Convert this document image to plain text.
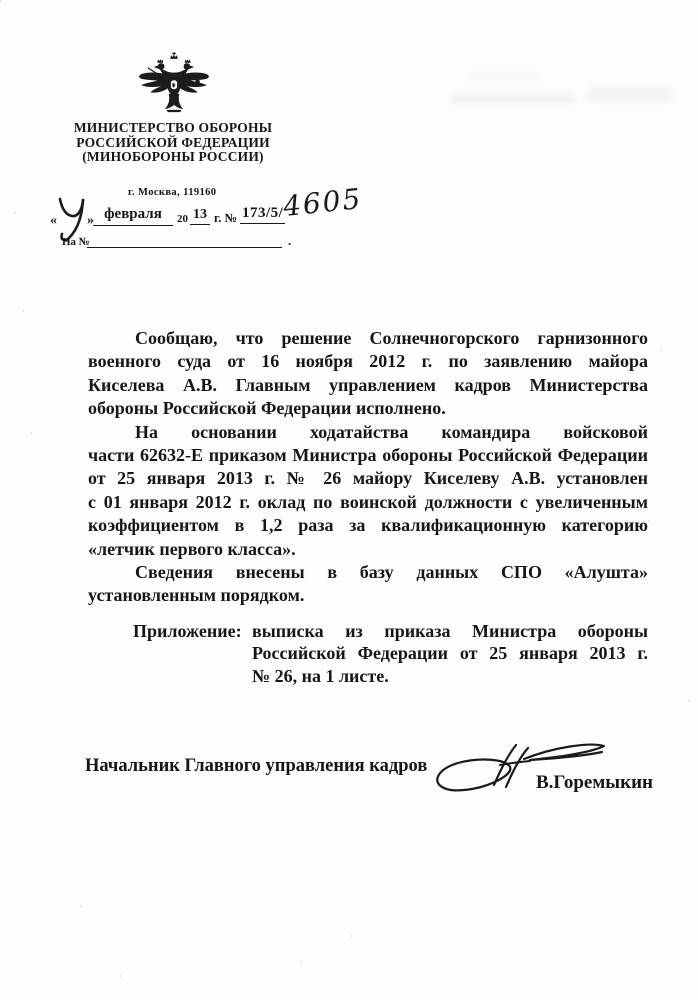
МИНИСТЕРСТВО ОБОРОНЫ
РОССИЙСКОЙ ФЕДЕРАЦИИ
(МИНОБОРОНЫ РОССИИ)
г. Москва, 119160
« » февраля	20 13 г. № 173/5/
4605
На №	.
Сообщаю, что решение Солнечногорского гарнизонного
военного суда от 16 ноября 2012 г. по заявлению майора
Киселева А.В. Главным управлением кадров Министерства
обороны Российской Федерации исполнено.
На основании ходатайства командира войсковой
части 62632-Е приказом Министра обороны Российской Федерации
от 25 января 2013 г. № 26 майору Киселеву А.В. установлен
с 01 января 2012 г. оклад по воинской должности с увеличенным
коэффициентом в 1,2 раза за квалификационную категорию
«летчик первого класса».
Сведения внесены в базу данных СПО «Алушта»
установленным порядком.
Приложение: выписка из приказа Министра обороны
Российской Федерации от 25 января 2013 г.
№ 26, на 1 листе.
Начальник Главного управления кадров
В.Горемыкин
